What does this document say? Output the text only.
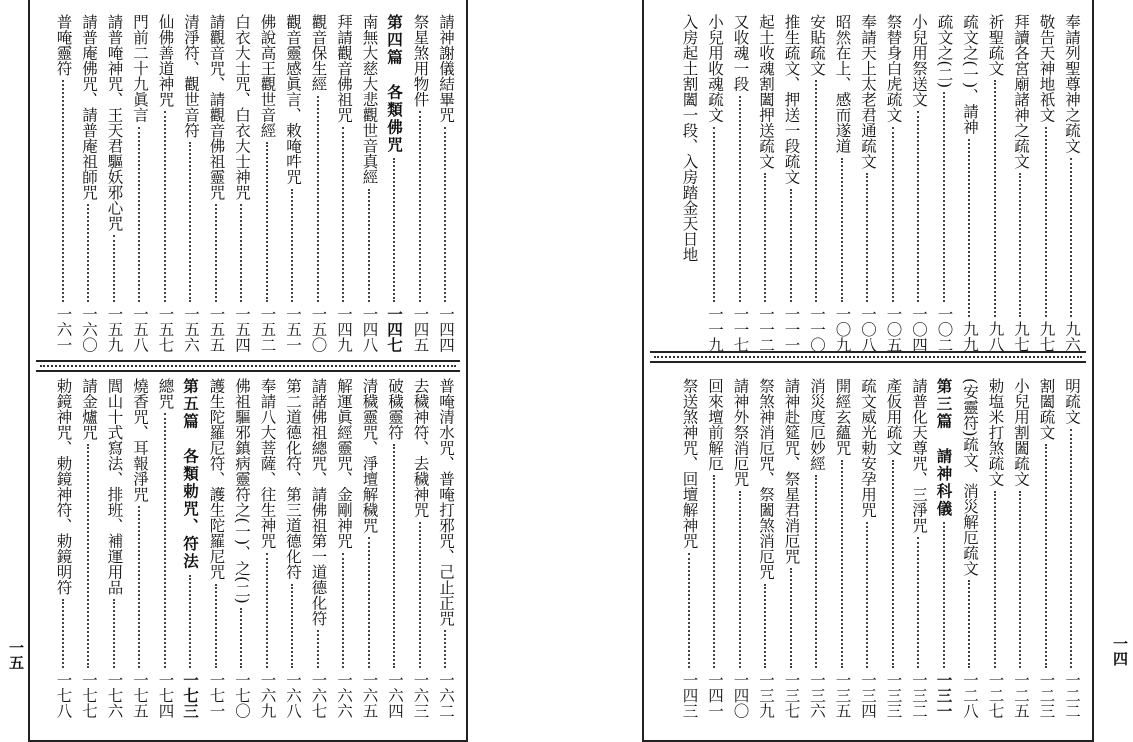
請神謝儀結畢咒
一四四
祭星煞用物件
一四五
第四篇　各類佛咒
一四七
南無大慈大悲觀世音真經
一四八
拜請觀音佛祖咒
一四九
觀音保生經
一五〇
觀音靈感眞言、敕唵吽咒
一五一
佛說高王觀世音經
一五二
白衣大士咒、白衣大士神咒
一五四
請觀音咒、請觀音佛祖靈咒
一五五
清淨符、觀世音符
一五六
仙佛善道神咒
一五七
門前二十九眞言
一五八
請普唵神咒、王天君驅妖邪心咒
一五九
請普庵佛咒、請普庵祖師咒
一六〇
普唵靈符
一六一
普唵清水咒、普唵打邪咒、己止正咒
一六二
去穢神符、去穢神咒
一六三
破穢靈符
一六四
清穢靈咒、淨壇解穢咒
一六五
解運眞經靈咒、金剛神咒
一六六
請諸佛祖總咒、請佛祖第一道德化符
一六七
第二道德化符、第三道德化符
一六八
奉請八大菩薩、往生神咒
一六九
佛祖驅邪鎮病靈符之(一)、之(二)
一七〇
護生陀羅尼符、護生陀羅尼咒
一七一
第五篇　各類勅咒、符法
一七三
總咒
一七四
燒香咒、耳報淨咒
一七五
閭山十式寫法、排班、補運用品
一七六
請金爐咒
一七七
勅鏡神咒、勅鏡神符、勅鏡明符
一七八
一五
奉請列聖尊神之疏文
九六
敬告天神地祇文
九七
拜讀各宮廟諸神之疏文
九七
祈聖疏文
九八
疏文之(一)、請神
九九
疏文之(二)
一〇二
小兒用祭送文
一〇四
祭替身白虎疏文
一〇五
奉請天上太老君通疏文
一〇八
昭然在上、感而遂道
一〇九
安貼疏文
一一〇
推生疏文、押送一段疏文
一一一
起土收魂割闔押送疏文
一一二
又收魂一段
一一七
小兒用收魂疏文
一一九
入房起土割闔一段、入房踏金天日地
明疏文
一二二
割闔疏文
一二三
小兒用割闔疏文
一二五
勅塩米打煞疏文
一二七
(安靈符)疏文、消災解厄疏文
一二八
第三篇　請神科儀
一三一
請普化天尊咒、三淨咒
一三二
產仮用疏文
一三三
疏文威光勅安孕用咒
一三四
開經玄蘊咒
一三五
消災度厄妙經
一三六
請神赴筵咒、祭星君消厄咒
一三七
祭煞神消厄咒、祭闔煞消厄咒
一三九
請神外祭消厄咒
一四〇
回來壇前解厄
一四一
祭送煞神咒、回壇解神咒
一四三
一四
